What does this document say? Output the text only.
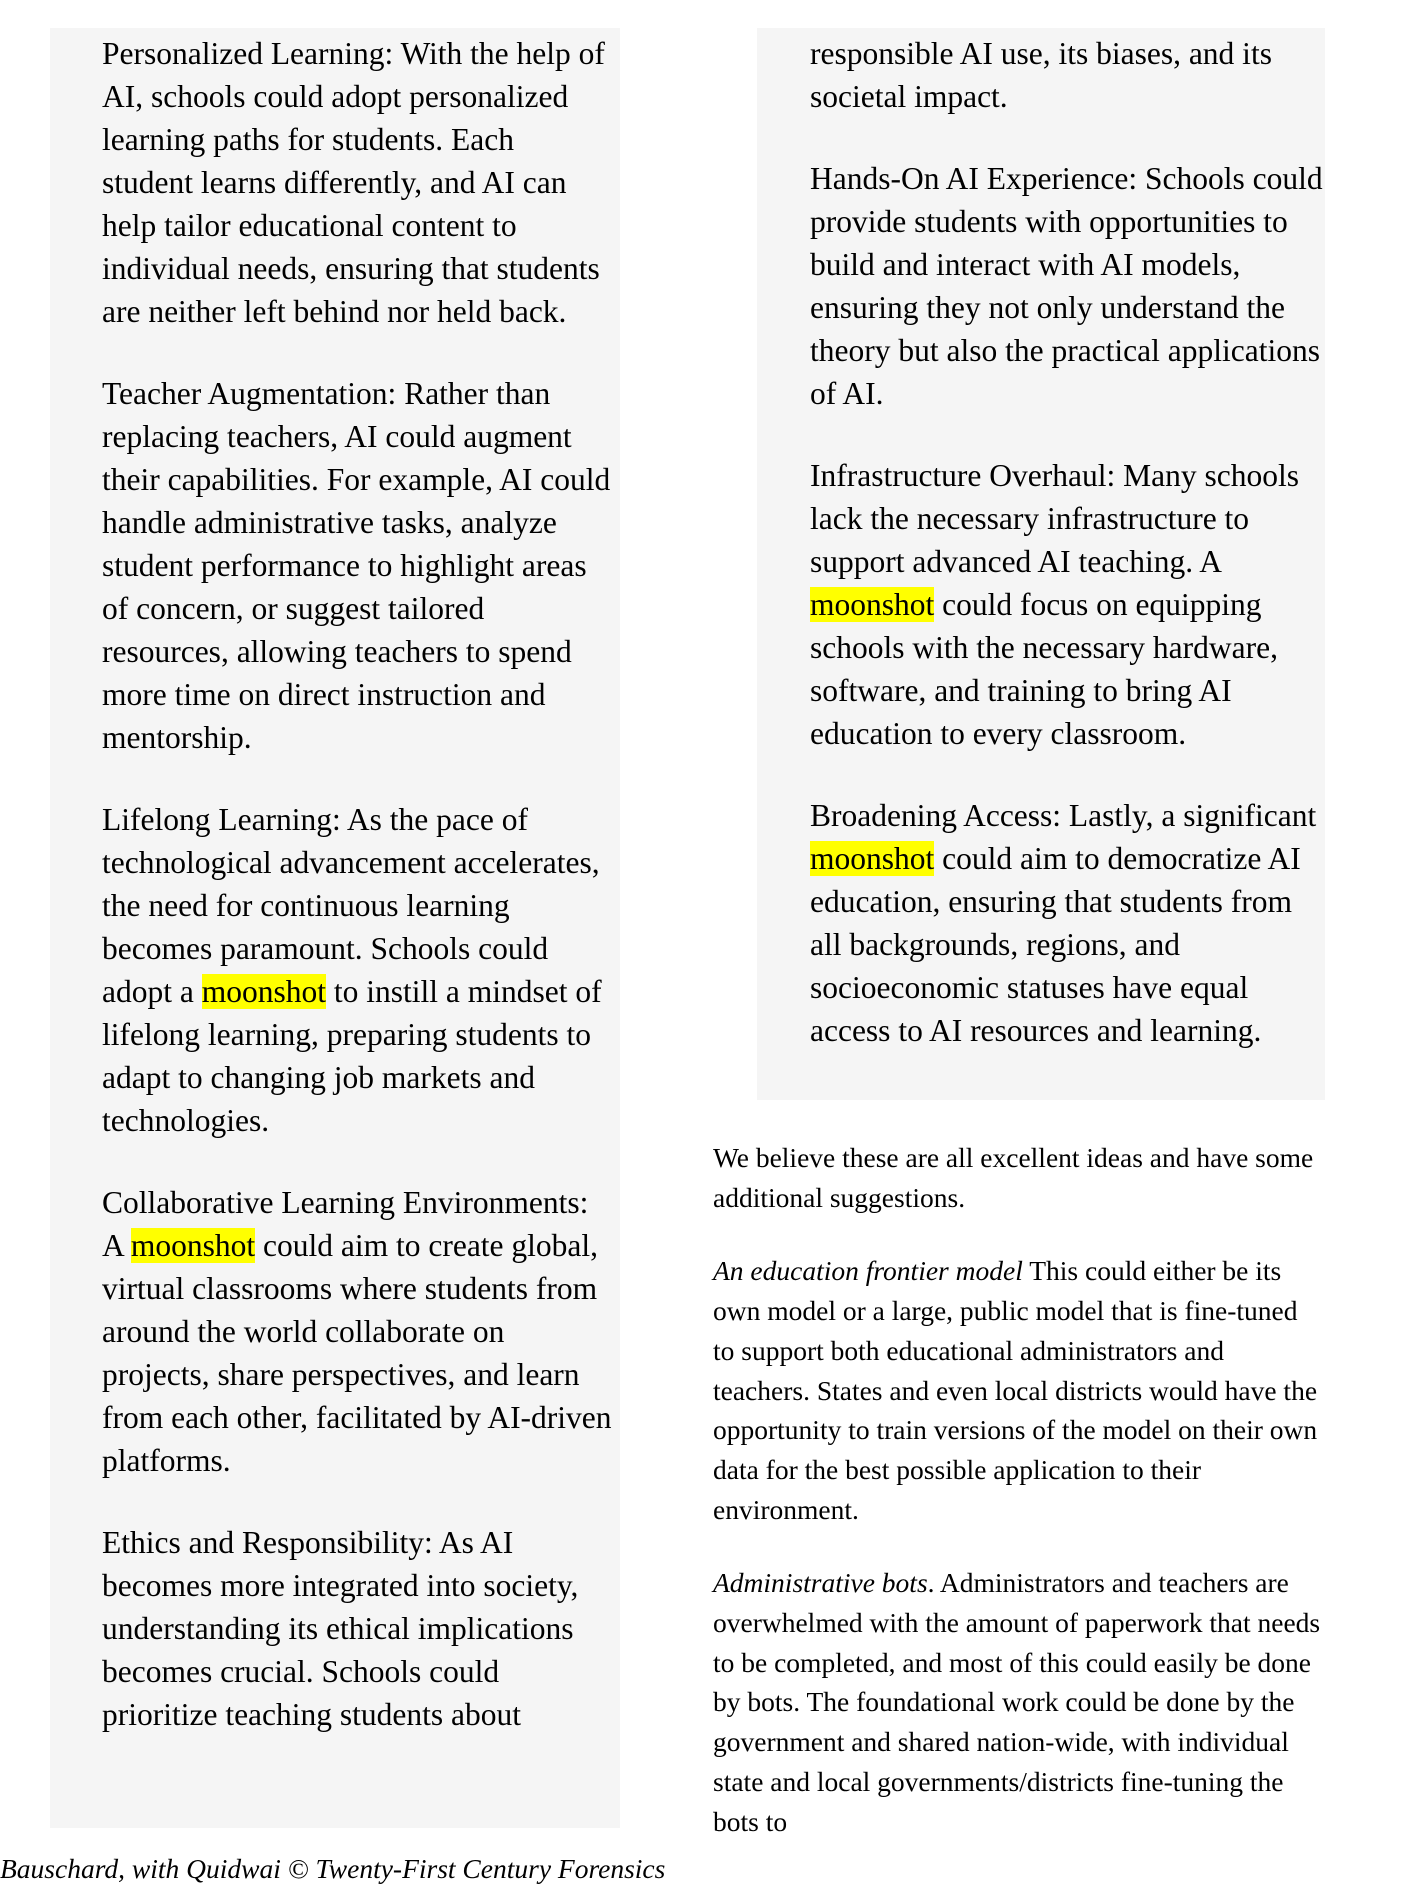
Personalized Learning: With the help of AI, schools could adopt personalized learning paths for students. Each student learns differently, and AI can help tailor educational content to individual needs, ensuring that students are neither left behind nor held back.

Teacher Augmentation: Rather than replacing teachers, AI could augment their capabilities. For example, AI could handle administrative tasks, analyze student performance to highlight areas of concern, or suggest tailored resources, allowing teachers to spend more time on direct instruction and mentorship.

Lifelong Learning: As the pace of technological advancement accelerates, the need for continuous learning becomes paramount. Schools could adopt a moonshot to instill a mindset of lifelong learning, preparing students to adapt to changing job markets and technologies.

Collaborative Learning Environments: A moonshot could aim to create global, virtual classrooms where students from around the world collaborate on projects, share perspectives, and learn from each other, facilitated by AI-driven platforms.

Ethics and Responsibility: As AI becomes more integrated into society, understanding its ethical implications becomes crucial. Schools could prioritize teaching students about

responsible AI use, its biases, and its societal impact.

Hands-On AI Experience: Schools could provide students with opportunities to build and interact with AI models, ensuring they not only understand the theory but also the practical applications of AI.

Infrastructure Overhaul: Many schools lack the necessary infrastructure to support advanced AI teaching. A moonshot could focus on equipping schools with the necessary hardware, software, and training to bring AI education to every classroom.

Broadening Access: Lastly, a significant moonshot could aim to democratize AI education, ensuring that students from all backgrounds, regions, and socioeconomic statuses have equal access to AI resources and learning.

We believe these are all excellent ideas and have some additional suggestions.

An education frontier model This could either be its own model or a large, public model that is fine-tuned to support both educational administrators and teachers. States and even local districts would have the opportunity to train versions of the model on their own data for the best possible application to their environment.

Administrative bots. Administrators and teachers are overwhelmed with the amount of paperwork that needs to be completed, and most of this could easily be done by bots. The foundational work could be done by the government and shared nation-wide, with individual state and local governments/districts fine-tuning the bots to

Bauschard, with Quidwai © Twenty-First Century Forensics
